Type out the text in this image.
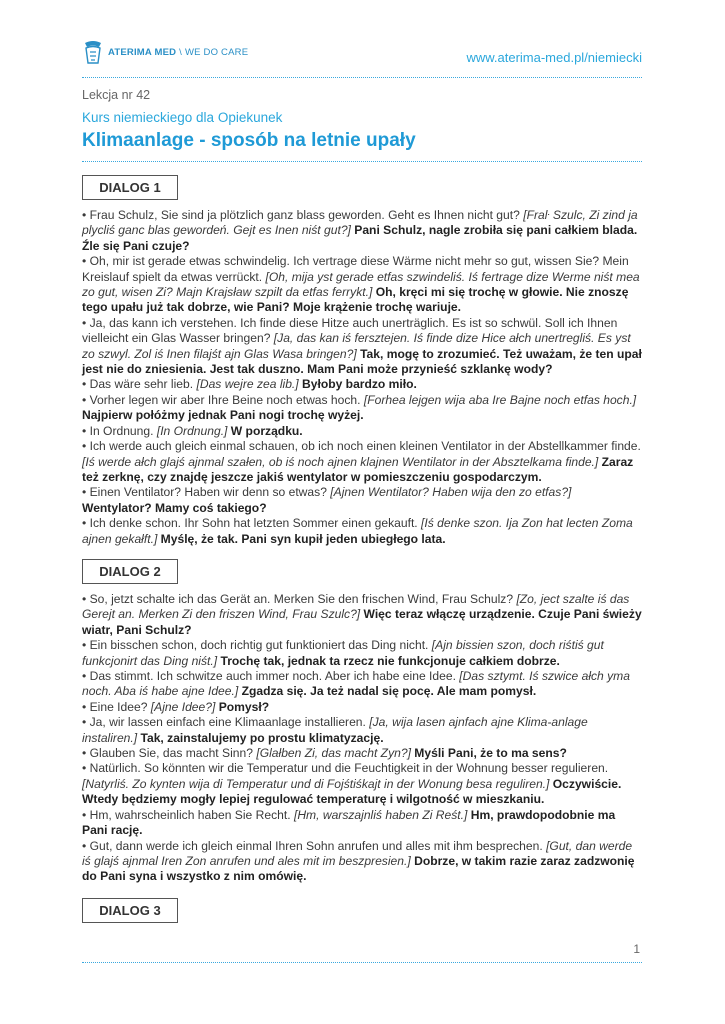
ATERIMA MED \ WE DO CARE	www.aterima-med.pl/niemiecki
Lekcja nr 42
Kurs niemieckiego dla Opiekunek
Klimaanlage - sposób na letnie upały
DIALOG 1

• Frau Schulz, Sie sind ja plötzlich ganz blass geworden. Geht es Ihnen nicht gut? [Fraŀ Szulc, Zi zind ja plycliś ganc blas gewordeń. Gejt es Inen niśt gut?] Pani Schulz, nagle zrobiła się pani całkiem blada. Źle się Pani czuje?

• Oh, mir ist gerade etwas schwindelig. Ich vertrage diese Wärme nicht mehr so gut, wissen Sie? Mein Kreislauf spielt da etwas verrückt. [Oh, mija yst gerade etfas szwindeliś. Iś fertrage dize Werme niśt mea zo gut, wisen Zi? Majn Krajsław szpilt da etfas ferrykt.] Oh, kręci mi się trochę w głowie. Nie znoszę tego upału już tak dobrze, wie Pani? Moje krążenie trochę wariuje.

• Ja, das kann ich verstehen. Ich finde diese Hitze auch unerträglich. Es ist so schwül. Soll ich Ihnen vielleicht ein Glas Wasser bringen? [Ja, das kan iś fersztejen. Iś finde dize Hice ałch unertregliś. Es yst zo szwyl. Zol iś Inen filajśt ajn Glas Wasa bringen?] Tak, mogę to zrozumieć. Też uważam, że ten upał jest nie do zniesienia. Jest tak duszno. Mam Pani może przynieść szklankę wody?

• Das wäre sehr lieb. [Das wejre zea lib.] Byłoby bardzo miło.

• Vorher legen wir aber Ihre Beine noch etwas hoch. [Forhea lejgen wija aba Ire Bajne noch etfas hoch.] Najpierw połóżmy jednak Pani nogi trochę wyżej.

• In Ordnung. [In Ordnung.] W porządku.

• Ich werde auch gleich einmal schauen, ob ich noch einen kleinen Ventilator in der Abstellkammer finde. [Iś werde ałch glajś ajnmal szałen, ob iś noch ajnen klajnen Wentilator in der Absztelkama finde.] Zaraz też zerknę, czy znajdę jeszcze jakiś wentylator w pomieszczeniu gospodarczym.

• Einen Ventilator? Haben wir denn so etwas? [Ajnen Wentilator? Haben wija den zo etfas?] Wentylator? Mamy coś takiego?

• Ich denke schon. Ihr Sohn hat letzten Sommer einen gekauft. [Iś denke szon. Ija Zon hat lecten Zoma ajnen gekałft.] Myślę, że tak. Pani syn kupił jeden ubiegłego lata.

DIALOG 2

• So, jetzt schalte ich das Gerät an. Merken Sie den frischen Wind, Frau Schulz? [Zo, ject szalte iś das Gerejt an. Merken Zi den friszen Wind, Frau Szulc?] Więc teraz włączę urządzenie. Czuje Pani świeży wiatr, Pani Schulz?

• Ein bisschen schon, doch richtig gut funktioniert das Ding nicht. [Ajn bissien szon, doch riśtiś gut funkcjonirt das Ding niśt.] Trochę tak, jednak ta rzecz nie funkcjonuje całkiem dobrze.

• Das stimmt. Ich schwitze auch immer noch. Aber ich habe eine Idee. [Das sztymt. Iś szwice ałch yma noch. Aba iś habe ajne Idee.] Zgadza się. Ja też nadal się pocę. Ale mam pomysł.

• Eine Idee? [Ajne Idee?] Pomysł?

• Ja, wir lassen einfach eine Klimaanlage installieren. [Ja, wija lasen ajnfach ajne Klima-anlage instaliren.] Tak, zainstalujemy po prostu klimatyzację.

• Glauben Sie, das macht Sinn? [Glałben Zi, das macht Zyn?] Myśli Pani, że to ma sens?

• Natürlich. So könnten wir die Temperatur und die Feuchtigkeit in der Wohnung besser regulieren. [Natyrliś. Zo kynten wija di Temperatur und di Fojśtiśkajt in der Wonung besa reguliren.] Oczywiście. Wtedy będziemy mogły lepiej regulować temperaturę i wilgotność w mieszkaniu.

• Hm, wahrscheinlich haben Sie Recht. [Hm, warszajnliś haben Zi Reśt.] Hm, prawdopodobnie ma Pani rację.

• Gut, dann werde ich gleich einmal Ihren Sohn anrufen und alles mit ihm besprechen. [Gut, dan werde iś glajś ajnmal Iren Zon anrufen und ales mit im beszpresien.] Dobrze, w takim razie zaraz zadzwonię do Pani syna i wszystko z nim omówię.

DIALOG 3
1
